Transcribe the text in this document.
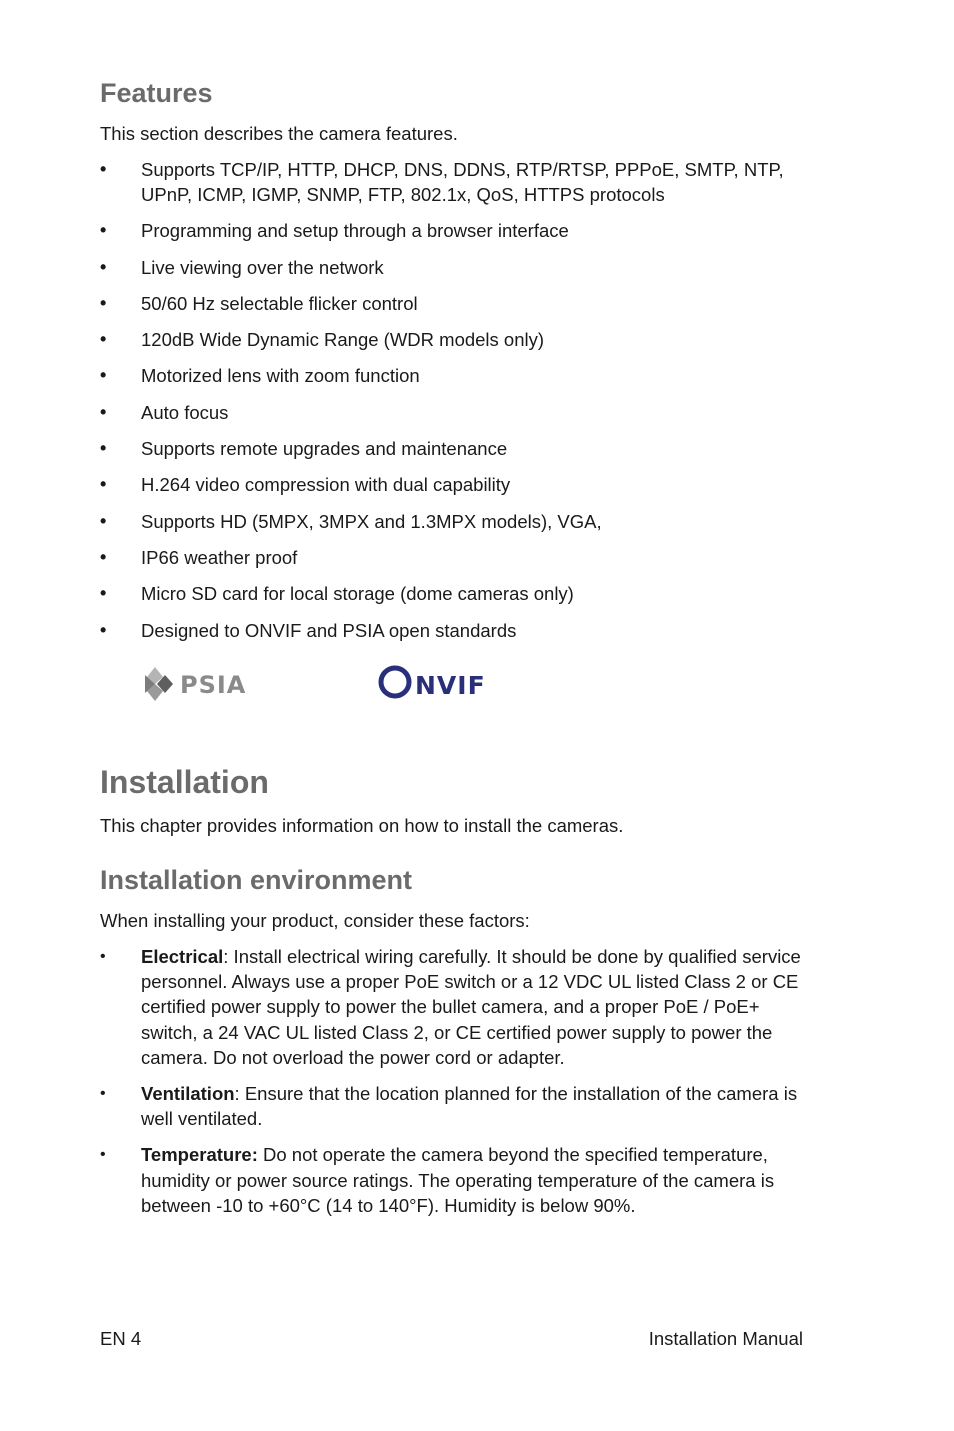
Features

This section describes the camera features.

• Supports TCP/IP, HTTP, DHCP, DNS, DDNS, RTP/RTSP, PPPoE, SMTP, NTP, UPnP, ICMP, IGMP, SNMP, FTP, 802.1x, QoS, HTTPS protocols
• Programming and setup through a browser interface
• Live viewing over the network
• 50/60 Hz selectable flicker control
• 120dB Wide Dynamic Range (WDR models only)
• Motorized lens with zoom function
• Auto focus
• Supports remote upgrades and maintenance
• H.264 video compression with dual capability
• Supports HD (5MPX, 3MPX and 1.3MPX models), VGA,
• IP66 weather proof
• Micro SD card for local storage (dome cameras only)
• Designed to ONVIF and PSIA open standards
PSIA	NVIF
Installation

This chapter provides information on how to install the cameras.

Installation environment

When installing your product, consider these factors:

• Electrical: Install electrical wiring carefully. It should be done by qualified service personnel. Always use a proper PoE switch or a 12 VDC UL listed Class 2 or CE certified power supply to power the bullet camera, and a proper PoE / PoE+ switch, a 24 VAC UL listed Class 2, or CE certified power supply to power the camera. Do not overload the power cord or adapter.
• Ventilation: Ensure that the location planned for the installation of the camera is well ventilated.
• Temperature: Do not operate the camera beyond the specified temperature, humidity or power source ratings. The operating temperature of the camera is between -10 to +60°C (14 to 140°F). Humidity is below 90%.
EN 4	Installation Manual
